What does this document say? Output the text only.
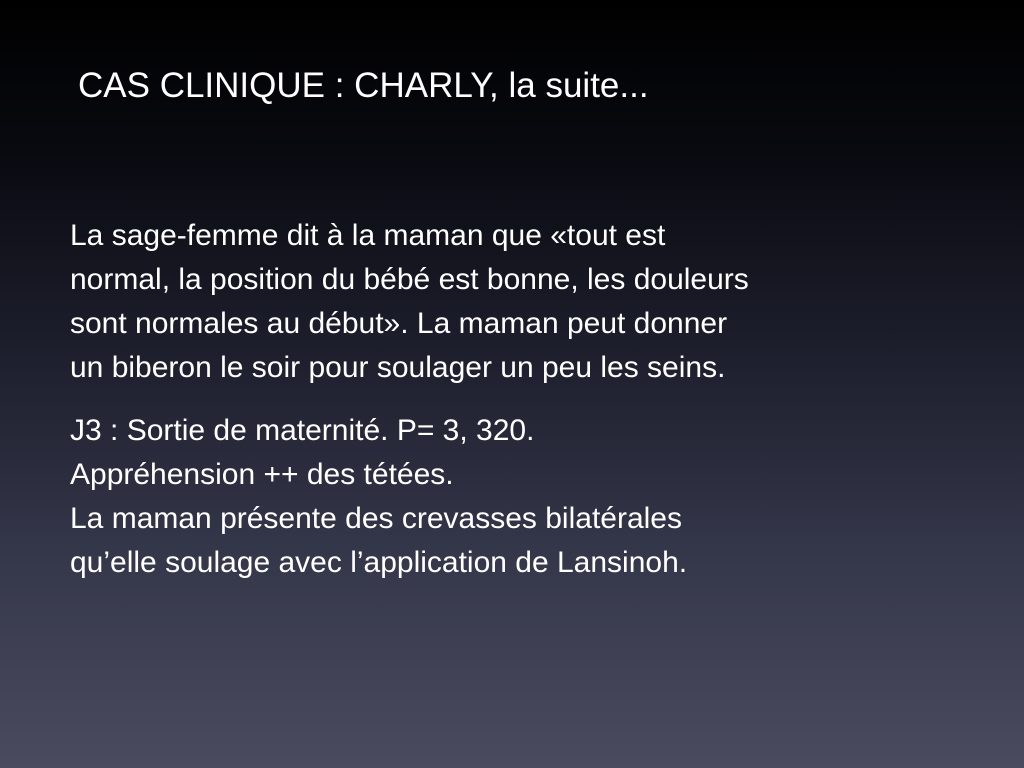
CAS CLINIQUE : CHARLY, la suite...

La sage-femme dit à la maman que «tout est
normal, la position du bébé est bonne, les douleurs
sont normales au début». La maman peut donner
un biberon le soir pour soulager un peu les seins.

J3 : Sortie de maternité. P= 3, 320.
Appréhension ++ des tétées.
La maman présente des crevasses bilatérales
qu’elle soulage avec l’application de Lansinoh.
